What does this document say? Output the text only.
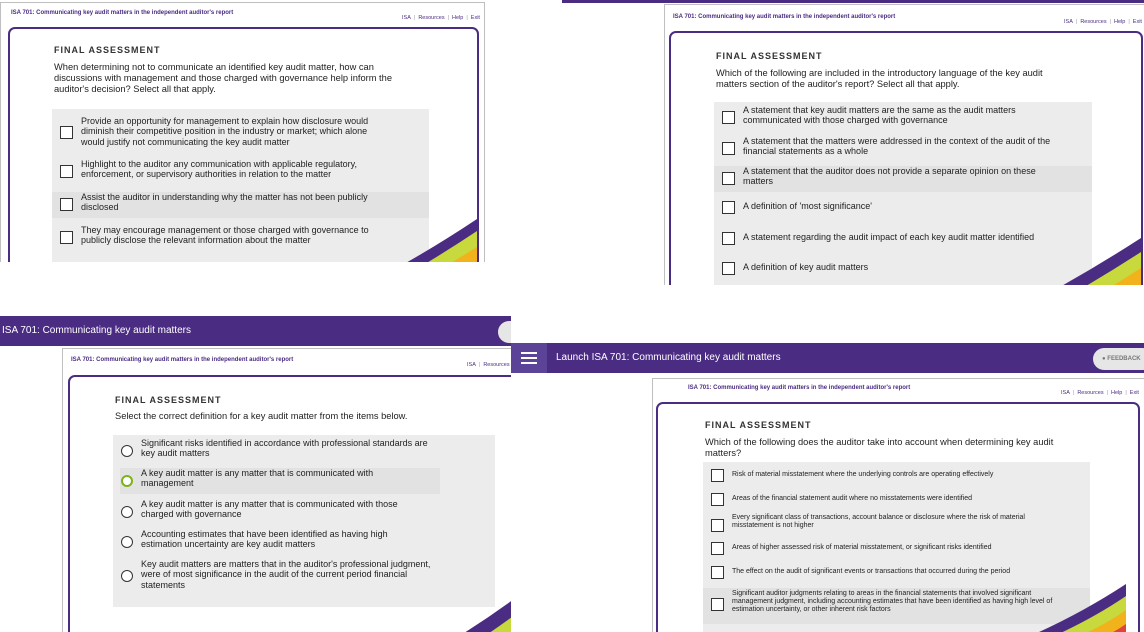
ISA 701: Communicating key audit matters in the independent auditor's report
ISA | Resources | Help | Exit
FINAL ASSESSMENT
When determining not to communicate an identified key audit matter, how can discussions with management and those charged with governance help inform the auditor's decision? Select all that apply.
Provide an opportunity for management to explain how disclosure would diminish their competitive position in the industry or market; which alone would justify not communicating the key audit matter
Highlight to the auditor any communication with applicable regulatory, enforcement, or supervisory authorities in relation to the matter
Assist the auditor in understanding why the matter has not been publicly disclosed
They may encourage management or those charged with governance to publicly disclose the relevant information about the matter
ISA 701: Communicating key audit matters in the independent auditor's report
ISA | Resources | Help | Exit
FINAL ASSESSMENT
Which of the following are included in the introductory language of the key audit matters section of the auditor's report? Select all that apply.
A statement that key audit matters are the same as the audit matters communicated with those charged with governance
A statement that the matters were addressed in the context of the audit of the financial statements as a whole
A statement that the auditor does not provide a separate opinion on these matters
A definition of 'most significance'
A statement regarding the audit impact of each key audit matter identified
A definition of key audit matters
ISA 701: Communicating key audit matters
ISA 701: Communicating key audit matters in the independent auditor's report
ISA | Resources
FINAL ASSESSMENT
Select the correct definition for a key audit matter from the items below.
Significant risks identified in accordance with professional standards are key audit matters
A key audit matter is any matter that is communicated with management
A key audit matter is any matter that is communicated with those charged with governance
Accounting estimates that have been identified as having high estimation uncertainty are key audit matters
Key audit matters are matters that in the auditor's professional judgment, were of most significance in the audit of the current period financial statements
Launch ISA 701: Communicating key audit matters	● FEEDBACK
ISA 701: Communicating key audit matters in the independent auditor's report
ISA | Resources | Help | Exit
FINAL ASSESSMENT
Which of the following does the auditor take into account when determining key audit matters?
Risk of material misstatement where the underlying controls are operating effectively
Areas of the financial statement audit where no misstatements were identified
Every significant class of transactions, account balance or disclosure where the risk of material misstatement is not higher
Areas of higher assessed risk of material misstatement, or significant risks identified
The effect on the audit of significant events or transactions that occurred during the period
Significant auditor judgments relating to areas in the financial statements that involved significant management judgment, including accounting estimates that have been identified as having high level of estimation uncertainty, or other inherent risk factors
